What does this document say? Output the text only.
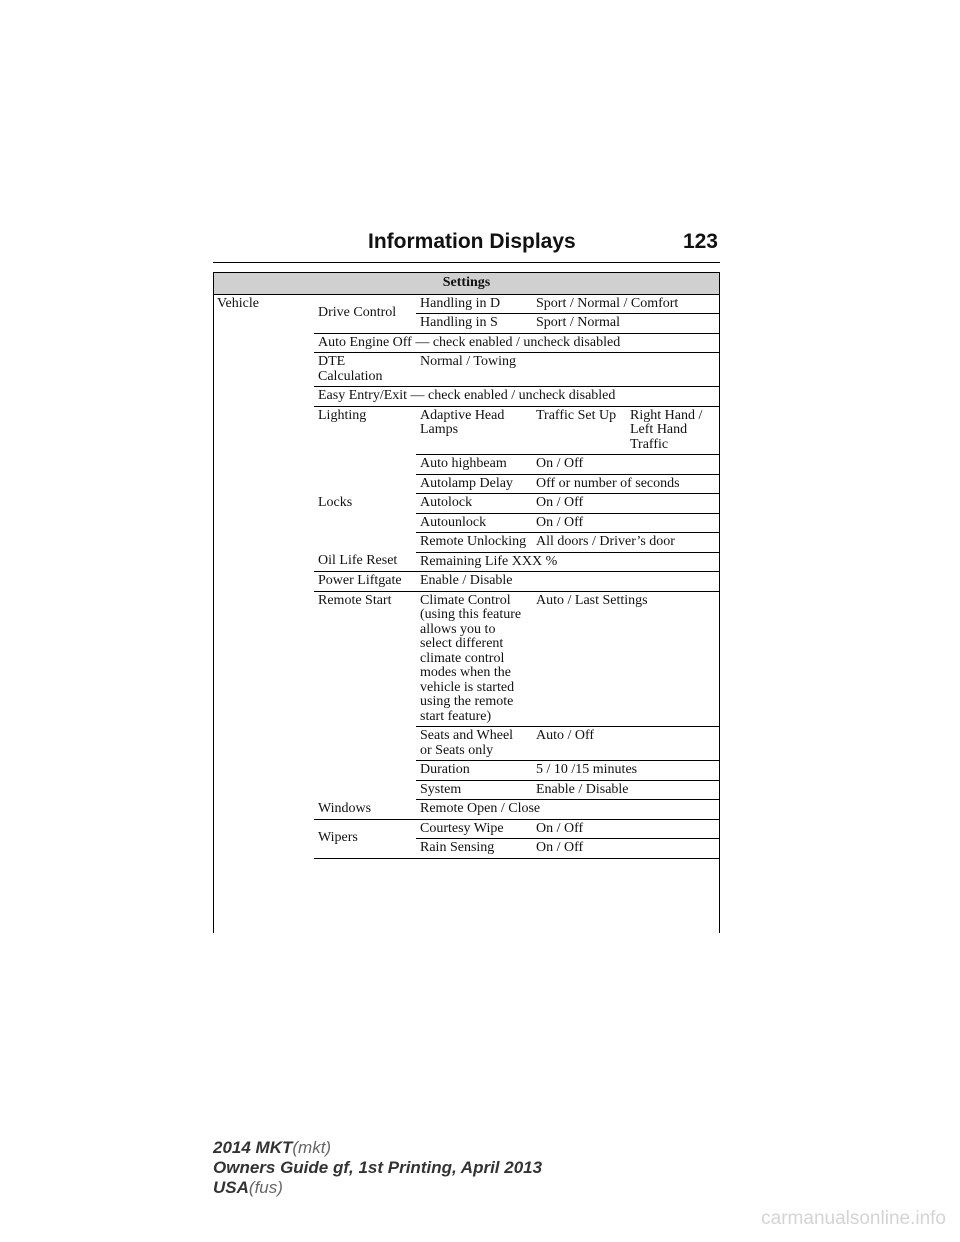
Information Displays	123
Settings				
Vehicle	Drive Control	Handling in D	Sport / Normal / Comfort	
		Handling in S	Sport / Normal	
	Auto Engine Off — check enabled / uncheck disabled			
	DTE Calculation	Normal / Towing		
	Easy Entry/Exit — check enabled / uncheck disabled			
	Lighting	Adaptive Head Lamps	Traffic Set Up	Right Hand / Left Hand Traffic
		Auto highbeam	On / Off	
		Autolamp Delay	Off or number of seconds	
	Locks	Autolock	On / Off	
		Autounlock	On / Off	
		Remote Unlocking	All doors / Driver’s door	
	Oil Life Reset	Remaining Life XXX %		
	Power Liftgate	Enable / Disable		
	Remote Start	Climate Control (using this feature allows you to select different climate control modes when the vehicle is started using the remote start feature)	Auto / Last Settings	
		Seats and Wheel or Seats only	Auto / Off	
		Duration	5 / 10 /15 minutes	
		System	Enable / Disable	
	Windows	Remote Open / Close		
	Wipers	Courtesy Wipe	On / Off	
		Rain Sensing	On / Off	
2014 MKT(mkt)
Owners Guide gf, 1st Printing, April 2013
USA(fus)
carmanualsonline.info
